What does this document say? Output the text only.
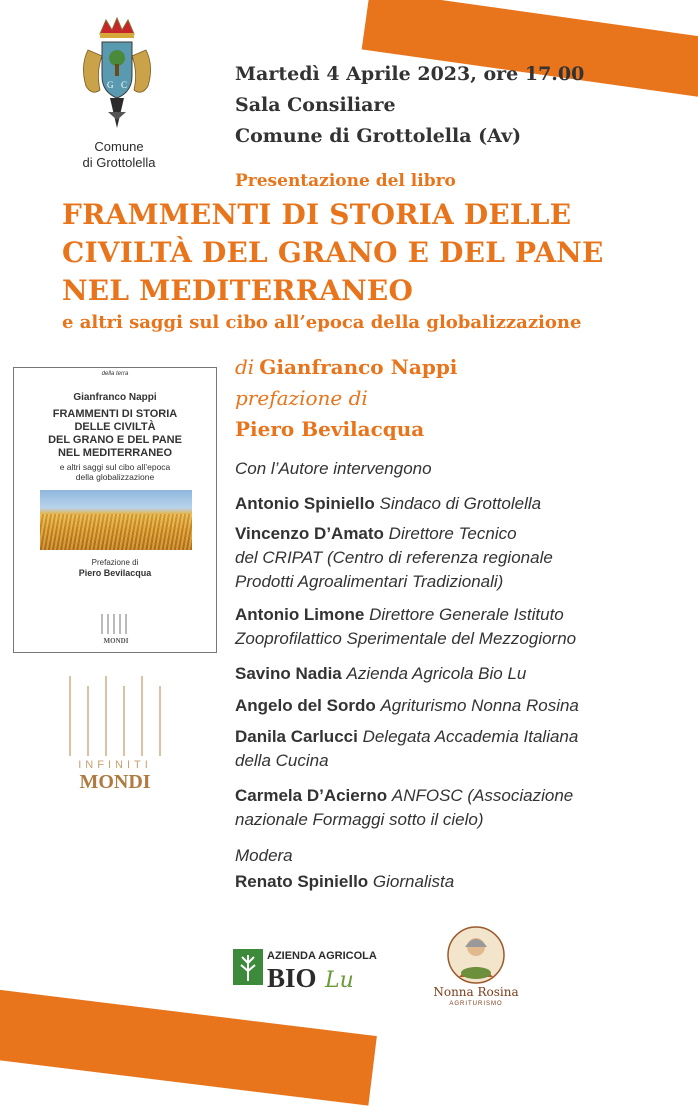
G C
Comune
di Grottolella
Martedì 4 Aprile 2023, ore 17.00
Sala Consiliare
Comune di Grottolella (Av)
Presentazione del libro
FRAMMENTI DI STORIA DELLE
CIVILTÀ DEL GRANO E DEL PANE
NEL MEDITERRANEO
e altri saggi sul cibo all’epoca della globalizzazione
di Gianfranco Nappi
prefazione di
Piero Bevilacqua
della terra
Gianfranco Nappi
FRAMMENTI DI STORIA
DELLE CIVILTÀ
DEL GRANO E DEL PANE
NEL MEDITERRANEO
e altri saggi sul cibo all’epoca
della globalizzazione
Prefazione di
Piero Bevilacqua
MONDI
INFINITI
MONDI
Con l’Autore intervengono
Antonio Spiniello Sindaco di Grottolella
Vincenzo D’Amato Direttore Tecnico
del CRIPAT (Centro di referenza regionale
Prodotti Agroalimentari Tradizionali)
Antonio Limone Direttore Generale Istituto
Zooprofilattico Sperimentale del Mezzogiorno
Savino Nadia Azienda Agricola Bio Lu
Angelo del Sordo Agriturismo Nonna Rosina
Danila Carlucci Delegata Accademia Italiana
della Cucina
Carmela D’Acierno ANFOSC (Associazione
nazionale Formaggi sotto il cielo)
Modera
Renato Spiniello Giornalista
AZIENDA AGRICOLA
BIO Lu	Nonna Rosina
AGRITURISMO
